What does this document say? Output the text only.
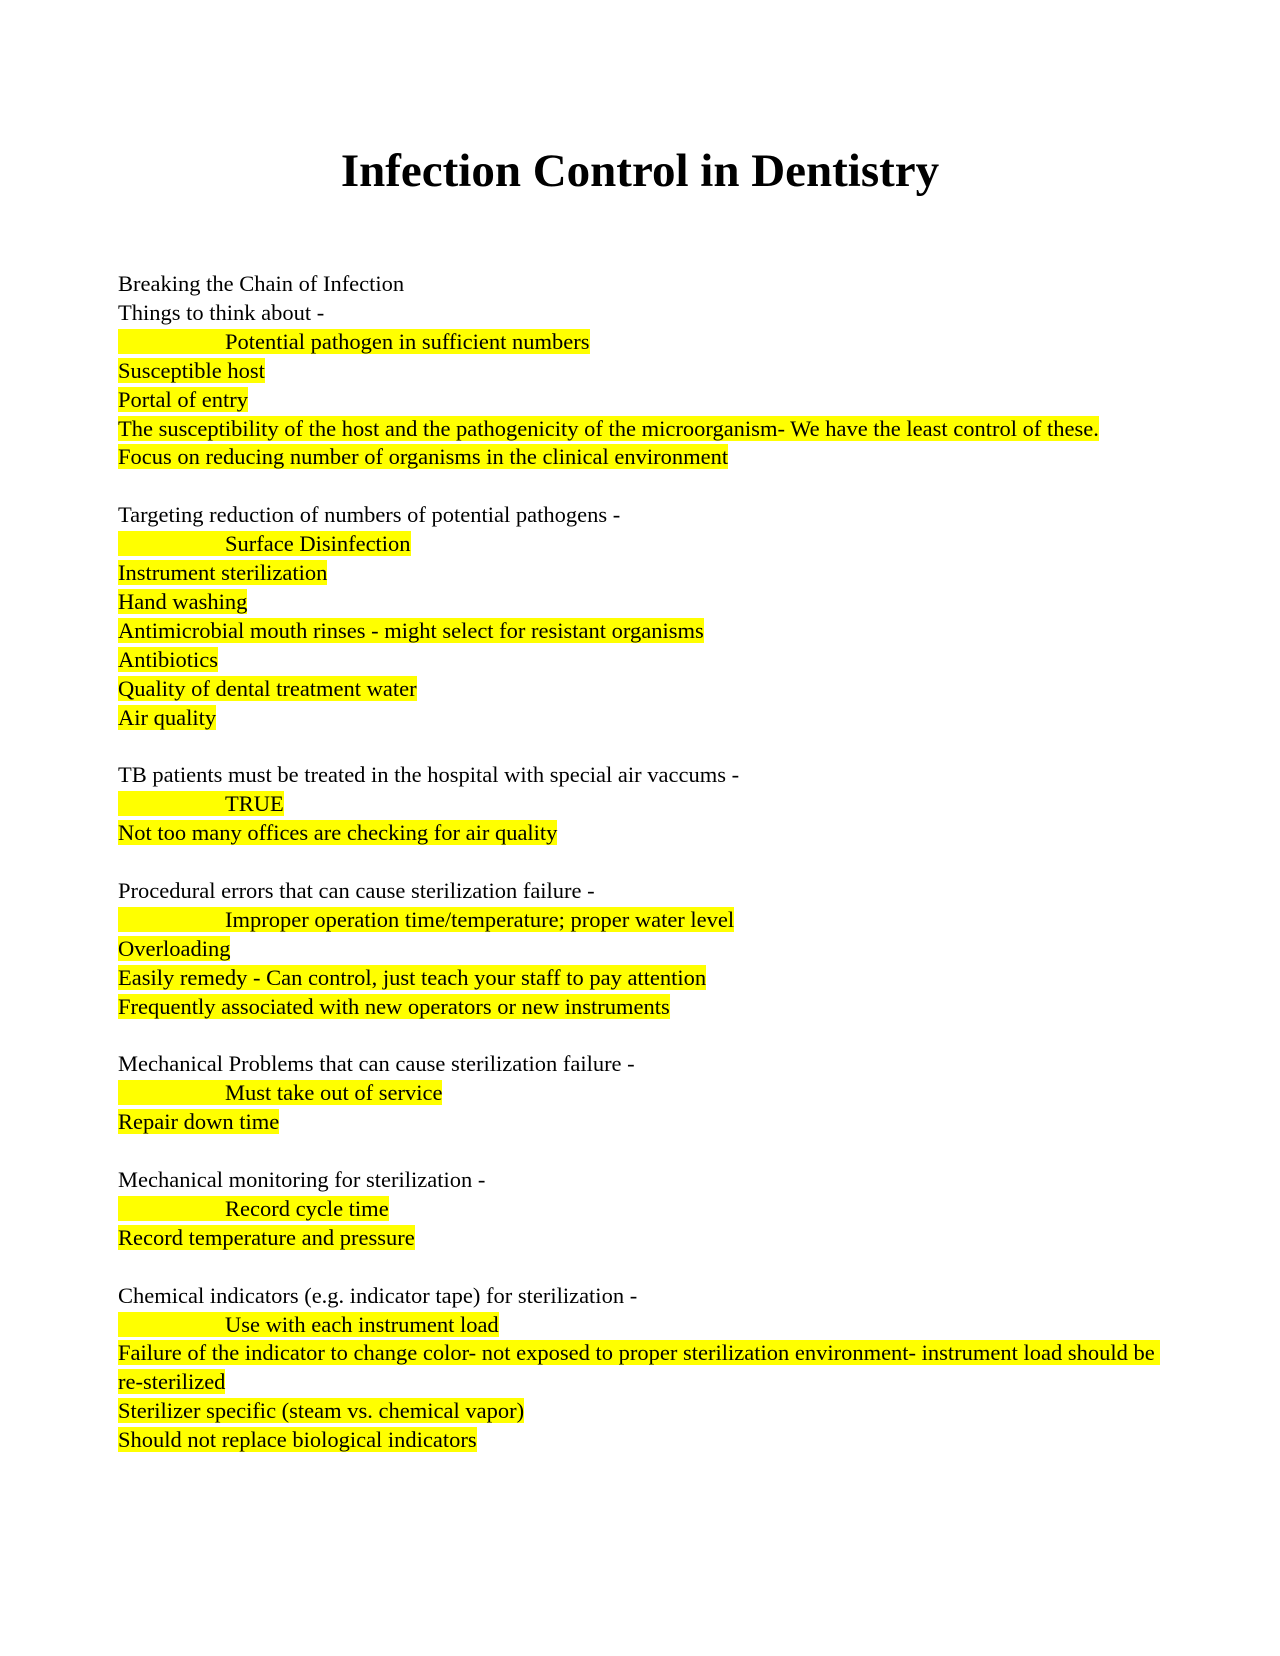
Infection Control in Dentistry
Breaking the Chain of Infection
Things to think about -
Potential pathogen in sufficient numbers
Susceptible host
Portal of entry
The susceptibility of the host and the pathogenicity of the microorganism- We have the least control of these.
Focus on reducing number of organisms in the clinical environment
Targeting reduction of numbers of potential pathogens -
Surface Disinfection
Instrument sterilization
Hand washing
Antimicrobial mouth rinses - might select for resistant organisms
Antibiotics
Quality of dental treatment water
Air quality
TB patients must be treated in the hospital with special air vaccums -
TRUE
Not too many offices are checking for air quality
Procedural errors that can cause sterilization failure -
Improper operation time/temperature; proper water level
Overloading
Easily remedy - Can control, just teach your staff to pay attention
Frequently associated with new operators or new instruments
Mechanical Problems that can cause sterilization failure -
Must take out of service
Repair down time
Mechanical monitoring for sterilization -
Record cycle time
Record temperature and pressure
Chemical indicators (e.g. indicator tape) for sterilization -
Use with each instrument load
Failure of the indicator to change color- not exposed to proper sterilization environment- instrument load should be re-sterilized
Sterilizer specific (steam vs. chemical vapor)
Should not replace biological indicators
